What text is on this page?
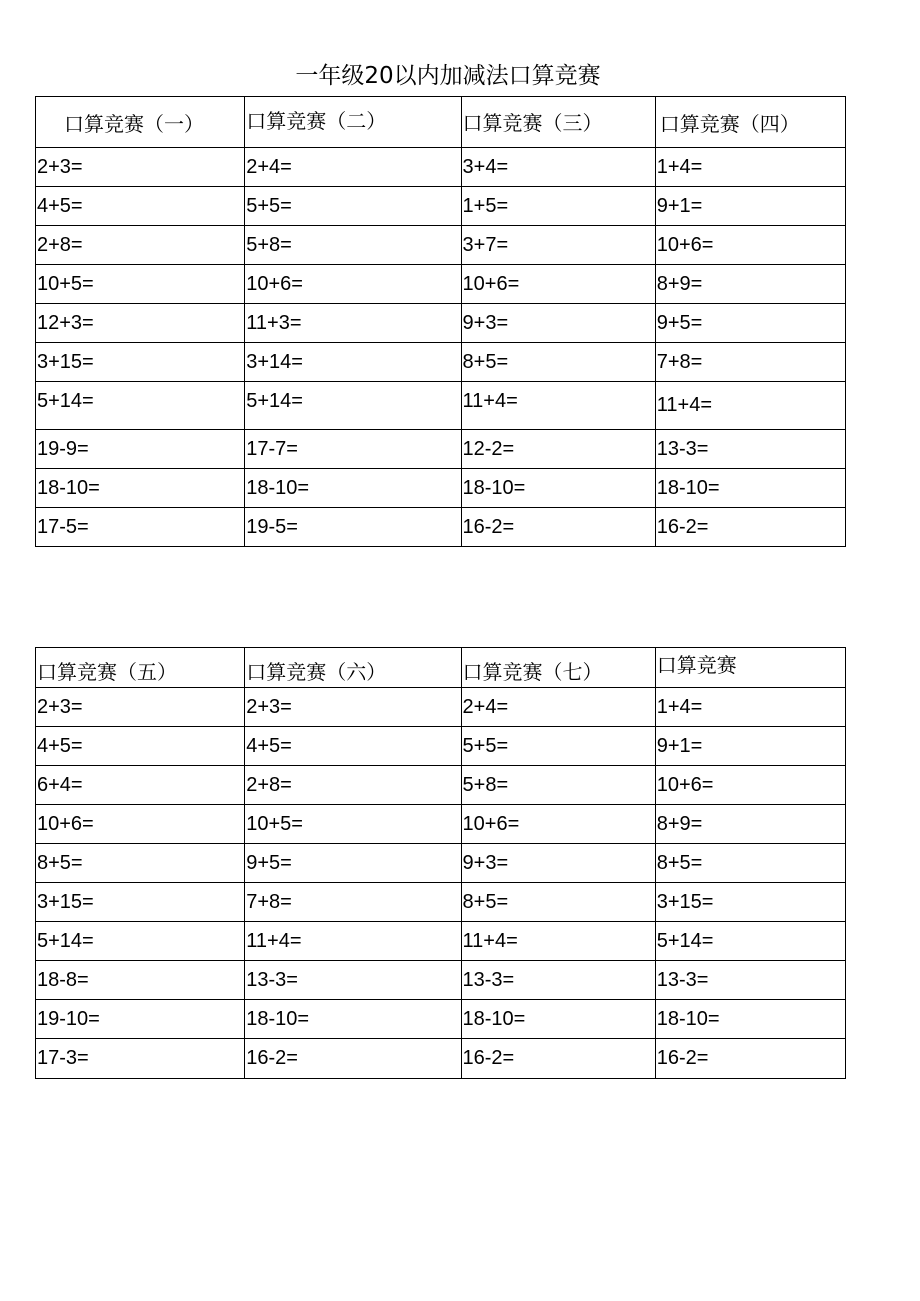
一年级20以内加减法口算竞赛
口算竞赛（一）	口算竞赛（二）	口算竞赛（三）	口算竞赛（四）
2+3=	2+4=	3+4=	1+4=
4+5=	5+5=	1+5=	9+1=
2+8=	5+8=	3+7=	10+6=
10+5=	10+6=	10+6=	8+9=
12+3=	11+3=	9+3=	9+5=
3+15=	3+14=	8+5=	7+8=
5+14=	5+14=	11+4=	11+4=
19-9=	17-7=	12-2=	13-3=
18-10=	18-10=	18-10=	18-10=
17-5=	19-5=	16-2=	16-2=
口算竞赛（五）	口算竞赛（六）	口算竞赛（七）	口算竞赛
2+3=	2+3=	2+4=	1+4=
4+5=	4+5=	5+5=	9+1=
6+4=	2+8=	5+8=	10+6=
10+6=	10+5=	10+6=	8+9=
8+5=	9+5=	9+3=	8+5=
3+15=	7+8=	8+5=	3+15=
5+14=	11+4=	11+4=	5+14=
18-8=	13-3=	13-3=	13-3=
19-10=	18-10=	18-10=	18-10=
17-3=	16-2=	16-2=	16-2=
